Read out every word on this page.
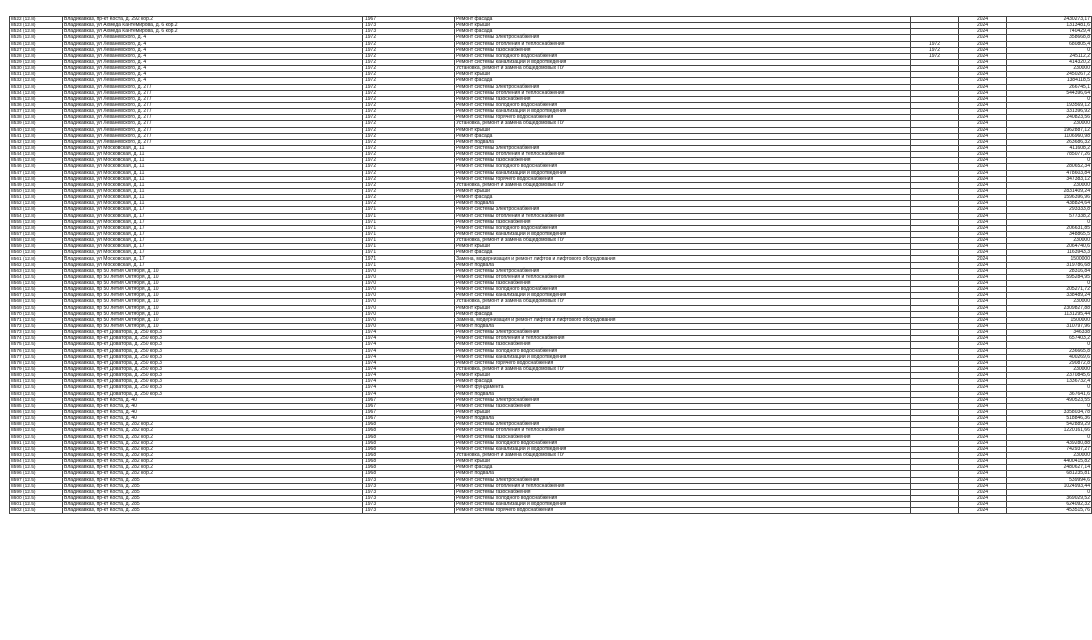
8522 (12.8)	Владикавказ, пр-кт Коста, д. 292 кор.2	1967	Ремонт фасада		2024	2430273,17
8523 (12.8)	Владикавказ, ул Ахмеда Кантемирова, д. 6 кор.2	1973	Ремонт крыши		2024	1313481,6
8524 (12.8)	Владикавказ, ул Ахмеда Кантемирова, д. 6 кор.2	1973	Ремонт фасада		2024	740429,4
8525 (12.8)	Владикавказ, ул Леваневского, д. 4	1972	Ремонт системы электроснабжения		2024	358668,8
8526 (12.8)	Владикавказ, ул Леваневского, д. 4	1972	Ремонт системы отопления и теплоснабжения	1972	2024	680805,4
8527 (12.8)	Владикавказ, ул Леваневского, д. 4	1972	Ремонт системы газоснабжения	1972	2024	0
8528 (12.8)	Владикавказ, ул Леваневского, д. 4	1972	Ремонт системы холодного водоснабжения	1972	2024	245112,2
8529 (12.8)	Владикавказ, ул Леваневского, д. 4	1972	Ремонт системы канализации и водоотведения		2024	414320,2
8530 (12.8)	Владикавказ, ул Леваневского, д. 4	1972	Установка, ремонт и замена общедомовых ПУ		2024	230000
8531 (12.8)	Владикавказ, ул Леваневского, д. 4	1972	Ремонт крыши		2024	2450267,2
8532 (12.8)	Владикавказ, ул Леваневского, д. 4	1972	Ремонт фасада		2024	1384118,5
8533 (12.8)	Владикавказ, ул Леваневского, д. 277	1972	Ремонт системы электроснабжения		2024	266745,1
8534 (12.8)	Владикавказ, ул Леваневского, д. 277	1972	Ремонт системы отопления и теплоснабжения		2024	544396,64
8535 (12.8)	Владикавказ, ул Леваневского, д. 277	1972	Ремонт системы газоснабжения		2024	0
8536 (12.8)	Владикавказ, ул Леваневского, д. 277	1972	Ремонт системы холодного водоснабжения		2024	193569,12
8537 (12.8)	Владикавказ, ул Леваневского, д. 277	1972	Ремонт системы канализации и водоотведения		2024	331396,92
8538 (12.8)	Владикавказ, ул Леваневского, д. 277	1972	Ремонт системы горячего водоснабжения		2024	240823,56
8539 (12.8)	Владикавказ, ул Леваневского, д. 277	1972	Установка, ремонт и замена общедомовых ПУ		2024	230000
8540 (12.8)	Владикавказ, ул Леваневского, д. 277	1972	Ремонт крыши		2024	1962887,12
8541 (12.8)	Владикавказ, ул Леваневского, д. 277	1972	Ремонт фасада		2024	1106960,98
8542 (12.8)	Владикавказ, ул Леваневского, д. 277	1972	Ремонт подвала		2024	263686,32
8543 (12.8)	Владикавказ, ул Московская, д. 11	1972	Ремонт системы электроснабжения		2024	411608,2
8544 (12.8)	Владикавказ, ул Московская, д. 11	1972	Ремонт системы отопления и теплоснабжения		2024	785077,26
8545 (12.8)	Владикавказ, ул Московская, д. 11	1972	Ремонт системы газоснабжения		2024	0
8546 (12.8)	Владикавказ, ул Московская, д. 11	1972	Ремонт системы холодного водоснабжения		2024	280652,34
8547 (12.8)	Владикавказ, ул Московская, д. 11	1972	Ремонт системы канализации и водоотведения		2024	478603,84
8548 (12.8)	Владикавказ, ул Московская, д. 11	1972	Ремонт системы горячего водоснабжения		2024	347383,12
8549 (12.8)	Владикавказ, ул Московская, д. 11	1972	Установка, ремонт и замена общедомовых ПУ		2024	230000
8550 (12.8)	Владикавказ, ул Московская, д. 11	1972	Ремонт крыши		2024	2831409,24
8551 (12.8)	Владикавказ, ул Московская, д. 11	1972	Ремонт фасада		2024	1596396,96
8552 (12.8)	Владикавказ, ул Московская, д. 11	1972	Ремонт подвала		2024	438824,64
8553 (12.8)	Владикавказ, ул Московская, д. 17	1971	Ремонт системы электроснабжения		2024	293333,8
8554 (12.8)	Владикавказ, ул Московская, д. 17	1971	Ремонт системы отопления и теплоснабжения		2024	577338,2
8555 (12.8)	Владикавказ, ул Московская, д. 17	1971	Ремонт системы газоснабжения		2024	0
8556 (12.8)	Владикавказ, ул Московская, д. 17	1971	Ремонт системы холодного водоснабжения		2024	206631,85
8557 (12.8)	Владикавказ, ул Московская, д. 17	1971	Ремонт системы канализации и водоотведения		2024	348865,5
8558 (12.8)	Владикавказ, ул Московская, д. 17	1971	Установка, ремонт и замена общедомовых ПУ		2024	230000
8559 (12.8)	Владикавказ, ул Московская, д. 17	1971	Ремонт крыши		2024	2064740,6
8560 (12.8)	Владикавказ, ул Московская, д. 17	1971	Ремонт фасада		2024	1163943,3
8561 (12.8)	Владикавказ, ул Московская, д. 17	1971	Замена, модернизация и ремонт лифтов и лифтового оборудования		2024	1500000
8562 (12.8)	Владикавказ, ул Московская, д. 17	1971	Ремонт подвала		2024	319786,68
8563 (12.5)	Владикавказ, пр 50 летия Октября, д. 10	1970	Ремонт системы электроснабжения		2024	28316,84
8564 (12.5)	Владикавказ, пр 50 летия Октября, д. 10	1970	Ремонт системы отопления и теплоснабжения		2024	595284,95
8565 (12.5)	Владикавказ, пр 50 летия Октября, д. 10	1970	Ремонт системы газоснабжения		2024	0
8566 (12.5)	Владикавказ, пр 50 летия Октября, д. 10	1970	Ремонт системы холодного водоснабжения		2024	205271,72
8567 (12.5)	Владикавказ, пр 50 летия Октября, д. 10	1970	Ремонт системы канализации и водоотведения		2024	338489,24
8568 (12.5)	Владикавказ, пр 50 летия Октября, д. 10	1970	Установка, ремонт и замена общедомовых ПУ		2024	230000
8569 (12.5)	Владикавказ, пр 50 летия Октября, д. 10	1970	Ремонт крыши		2024	2309827,88
8570 (12.5)	Владикавказ, пр 50 летия Октября, д. 10	1970	Ремонт фасада		2024	1131295,44
8571 (12.5)	Владикавказ, пр 50 летия Октября, д. 10	1970	Замена, модернизация и ремонт лифтов и лифтового оборудования		2024	1500000
8572 (12.5)	Владикавказ, пр 50 летия Октября, д. 10	1970	Ремонт подвала		2024	310797,96
8573 (12.5)	Владикавказ, пр-кт Доватора, д. 250 кор.3	1974	Ремонт системы электроснабжения		2024	346338
8574 (12.5)	Владикавказ, пр-кт Доватора, д. 250 кор.3	1974	Ремонт системы отопления и теплоснабжения		2024	657403,2
8575 (12.5)	Владикавказ, пр-кт Доватора, д. 250 кор.3	1974	Ремонт системы газоснабжения		2024	0
8576 (12.5)	Владикавказ, пр-кт Доватора, д. 250 кор.3	1974	Ремонт системы холодного водоснабжения		2024	236665,8
8577 (12.5)	Владикавказ, пр-кт Доватора, д. 250 кор.3	1974	Ремонт системы канализации и водоотведения		2024	400269,6
8578 (12.5)	Владикавказ, пр-кт Доватора, д. 250 кор.3	1974	Ремонт системы горячего водоснабжения		2024	290872,8
8579 (12.5)	Владикавказ, пр-кт Доватора, д. 250 кор.3	1974	Установка, ремонт и замена общедомовых ПУ		2024	230000
8580 (12.5)	Владикавказ, пр-кт Доватора, д. 250 кор.3	1974	Ремонт крыши		2024	2370845,6
8581 (12.5)	Владикавказ, пр-кт Доватора, д. 250 кор.3	1974	Ремонт фасада		2024	1336732,4
8582 (12.5)	Владикавказ, пр-кт Доватора, д. 250 кор.3	1974	Ремонт фундамента		2024	0
8583 (12.5)	Владикавказ, пр-кт Доватора, д. 250 кор.3	1974	Ремонт подвала		2024	367641,6
8584 (12.5)	Владикавказ, пр-кт Коста, д. 40	1967	Ремонт системы электроснабжения		2024	490523,55
8585 (12.5)	Владикавказ, пр-кт Коста, д. 40	1967	Ремонт системы газоснабжения		2024	0
8586 (12.5)	Владикавказ, пр-кт Коста, д. 40	1967	Ремонт крыши		2024	3358034,78
8587 (12.5)	Владикавказ, пр-кт Коста, д. 40	1967	Ремонт подвала		2024	518846,36
8588 (12.5)	Владикавказ, пр-кт Коста, д. 282 кор.2	1968	Ремонт системы электроснабжения		2024	542889,29
8589 (12.5)	Владикавказ, пр-кт Коста, д. 282 кор.2	1968	Ремонт системы отопления и теплоснабжения		2024	1220161,66
8590 (12.5)	Владикавказ, пр-кт Коста, д. 282 кор.2	1968	Ремонт системы газоснабжения		2024	0
8591 (12.5)	Владикавказ, пр-кт Коста, д. 282 кор.2	1968	Ремонт системы холодного водоснабжения		2024	439280,88
8592 (12.5)	Владикавказ, пр-кт Коста, д. 282 кор.2	1968	Ремонт системы канализации и водоотведения		2024	742937,27
8593 (12.5)	Владикавказ, пр-кт Коста, д. 282 кор.2	1968	Установка, ремонт и замена общедомовых ПУ		2024	230000
8594 (12.5)	Владикавказ, пр-кт Коста, д. 282 кор.2	1968	Ремонт крыши		2024	4400415,82
8595 (12.5)	Владикавказ, пр-кт Коста, д. 282 кор.2	1968	Ремонт фасада		2024	2480627,14
8596 (12.5)	Владикавказ, пр-кт Коста, д. 282 кор.2	1968	Ремонт подвала		2024	681235,81
8597 (12.5)	Владикавказ, пр-кт Коста, д. 285	1973	Ремонт системы электроснабжения		2024	539994,6
8598 (12.5)	Владикавказ, пр-кт Коста, д. 285	1973	Ремонт системы отопления и теплоснабжения		2024	1024993,44
8599 (12.5)	Владикавказ, пр-кт Коста, д. 285	1973	Ремонт системы газоснабжения		2024	0
8600 (12.5)	Владикавказ, пр-кт Коста, д. 285	1973	Ремонт системы холодного водоснабжения		2024	369029,52
8601 (12.5)	Владикавказ, пр-кт Коста, д. 285	1973	Ремонт системы канализации и водоотведения		2024	624092,32
8602 (12.5)	Владикавказ, пр-кт Коста, д. 285	1973	Ремонт системы горячего водоснабжения		2024	453515,76
